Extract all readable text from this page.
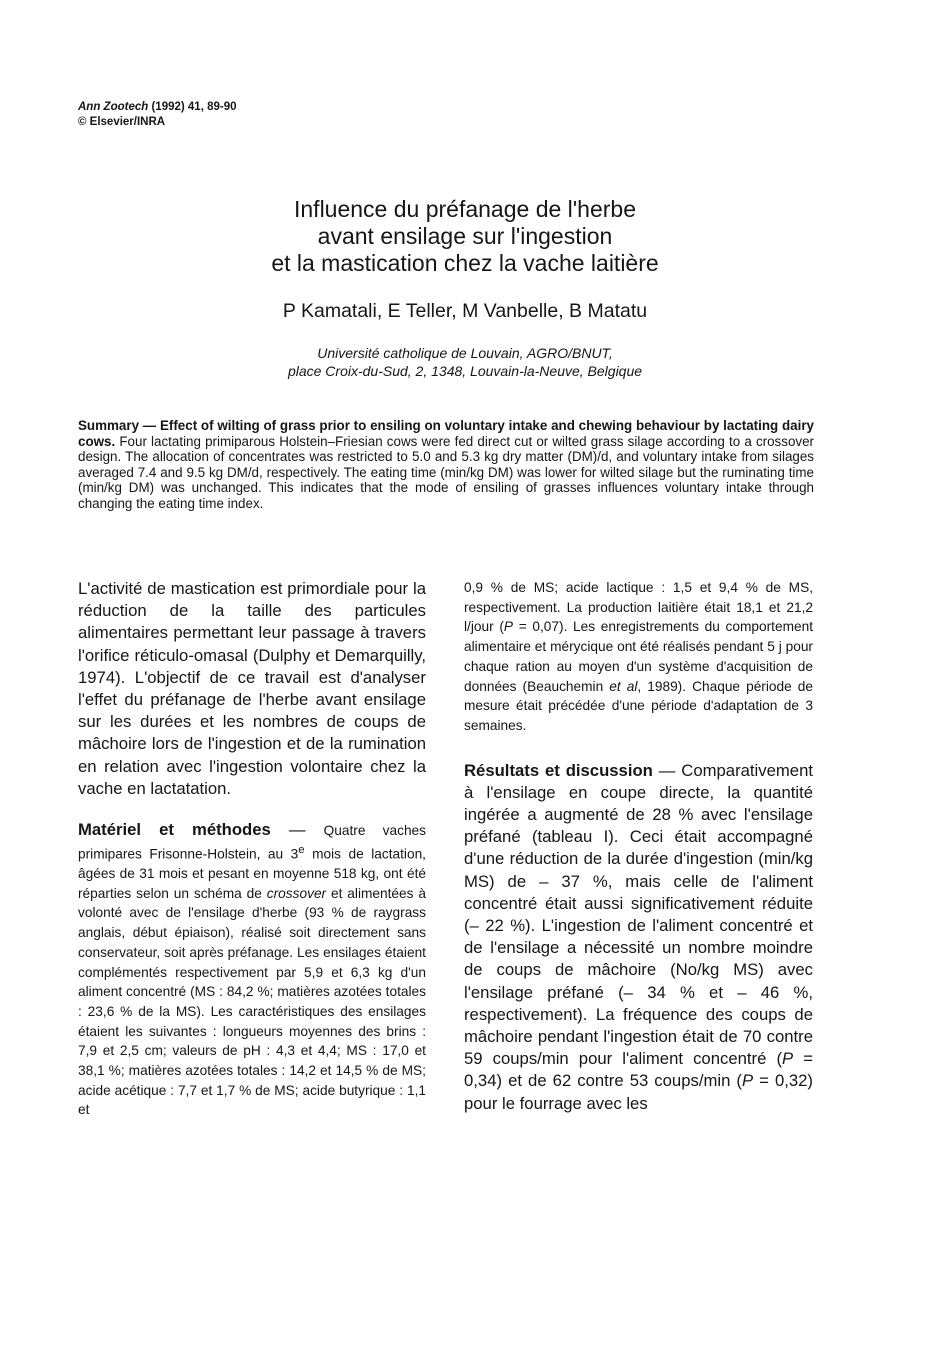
Ann Zootech (1992) 41, 89-90
© Elsevier/INRA
Influence du préfanage de l'herbe
avant ensilage sur l'ingestion
et la mastication chez la vache laitière
P Kamatali, E Teller, M Vanbelle, B Matatu
Université catholique de Louvain, AGRO/BNUT,
place Croix-du-Sud, 2, 1348, Louvain-la-Neuve, Belgique
Summary — Effect of wilting of grass prior to ensiling on voluntary intake and chewing behaviour by lactating dairy cows. Four lactating primiparous Holstein–Friesian cows were fed direct cut or wilted grass silage according to a crossover design. The allocation of concentrates was restricted to 5.0 and 5.3 kg dry matter (DM)/d, and voluntary intake from silages averaged 7.4 and 9.5 kg DM/d, respectively. The eating time (min/kg DM) was lower for wilted silage but the ruminating time (min/kg DM) was unchanged. This indicates that the mode of ensiling of grasses influences voluntary intake through changing the eating time index.
L'activité de mastication est primordiale pour la réduction de la taille des particules alimentaires permettant leur passage à travers l'orifice réticulo-omasal (Dulphy et Demarquilly, 1974). L'objectif de ce travail est d'analyser l'effet du préfanage de l'herbe avant ensilage sur les durées et les nombres de coups de mâchoire lors de l'ingestion et de la rumination en relation avec l'ingestion volontaire chez la vache en lactatation.
Matériel et méthodes — Quatre vaches primipares Frisonne-Holstein, au 3e mois de lactation, âgées de 31 mois et pesant en moyenne 518 kg, ont été réparties selon un schéma de crossover et alimentées à volonté avec de l'ensilage d'herbe (93 % de raygrass anglais, début épiaison), réalisé soit directement sans conservateur, soit après préfanage. Les ensilages étaient complémentés respectivement par 5,9 et 6,3 kg d'un aliment concentré (MS : 84,2 %; matières azotées totales : 23,6 % de la MS). Les caractéristiques des ensilages étaient les suivantes : longueurs moyennes des brins : 7,9 et 2,5 cm; valeurs de pH : 4,3 et 4,4; MS : 17,0 et 38,1 %; matières azotées totales : 14,2 et 14,5 % de MS; acide acétique : 7,7 et 1,7 % de MS; acide butyrique : 1,1 et
0,9 % de MS; acide lactique : 1,5 et 9,4 % de MS, respectivement. La production laitière était 18,1 et 21,2 l/jour (P = 0,07). Les enregistrements du comportement alimentaire et mérycique ont été réalisés pendant 5 j pour chaque ration au moyen d'un système d'acquisition de données (Beauchemin et al, 1989). Chaque période de mesure était précédée d'une période d'adaptation de 3 semaines.
Résultats et discussion — Comparativement à l'ensilage en coupe directe, la quantité ingérée a augmenté de 28 % avec l'ensilage préfané (tableau I). Ceci était accompagné d'une réduction de la durée d'ingestion (min/kg MS) de – 37 %, mais celle de l'aliment concentré était aussi significativement réduite (– 22 %). L'ingestion de l'aliment concentré et de l'ensilage a nécessité un nombre moindre de coups de mâchoire (No/kg MS) avec l'ensilage préfané (– 34 % et – 46 %, respectivement). La fréquence des coups de mâchoire pendant l'ingestion était de 70 contre 59 coups/min pour l'aliment concentré (P = 0,34) et de 62 contre 53 coups/min (P = 0,32) pour le fourrage avec les
